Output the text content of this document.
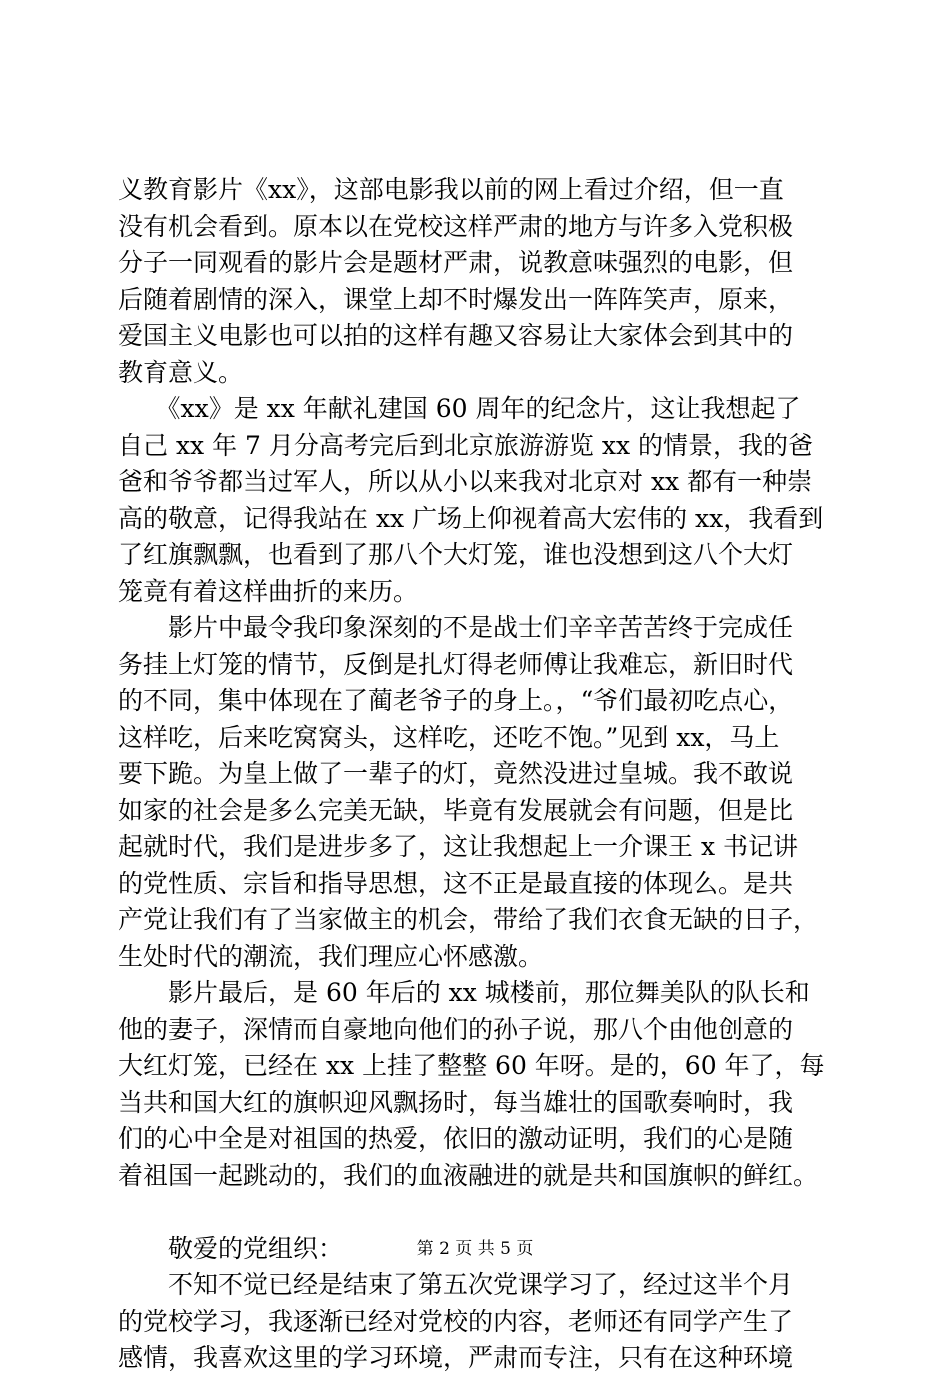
义教育影片《xx》，这部电影我以前的网上看过介绍，但一直
没有机会看到。原本以在党校这样严肃的地方与许多入党积极
分子一同观看的影片会是题材严肃，说教意味强烈的电影，但
后随着剧情的深入，课堂上却不时爆发出一阵阵笑声，原来，
爱国主义电影也可以拍的这样有趣又容易让大家体会到其中的
教育意义。
　　《xx》是 xx 年献礼建国 60 周年的纪念片，这让我想起了
自己 xx 年 7 月分高考完后到北京旅游游览 xx 的情景，我的爸
爸和爷爷都当过军人，所以从小以来我对北京对 xx 都有一种崇
高的敬意，记得我站在 xx 广场上仰视着高大宏伟的 xx，我看到
了红旗飘飘，也看到了那八个大灯笼，谁也没想到这八个大灯
笼竟有着这样曲折的来历。
　　影片中最令我印象深刻的不是战士们辛辛苦苦终于完成任
务挂上灯笼的情节，反倒是扎灯得老师傅让我难忘，新旧时代
的不同，集中体现在了蔺老爷子的身上。，“爷们最初吃点心，
这样吃，后来吃窝窝头，这样吃，还吃不饱。”见到 xx，马上
要下跪。为皇上做了一辈子的灯，竟然没进过皇城。我不敢说
如家的社会是多么完美无缺，毕竟有发展就会有问题，但是比
起就时代，我们是进步多了，这让我想起上一介课王 x 书记讲
的党性质、宗旨和指导思想，这不正是最直接的体现么。是共
产党让我们有了当家做主的机会，带给了我们衣食无缺的日子，
生处时代的潮流，我们理应心怀感激。
　　影片最后，是 60 年后的 xx 城楼前，那位舞美队的队长和
他的妻子，深情而自豪地向他们的孙子说，那八个由他创意的
大红灯笼，已经在 xx 上挂了整整 60 年呀。是的，60 年了，每
当共和国大红的旗帜迎风飘扬时，每当雄壮的国歌奏响时，我
们的心中全是对祖国的热爱，依旧的激动证明，我们的心是随
着祖国一起跳动的，我们的血液融进的就是共和国旗帜的鲜红。
　　敬爱的党组织：
　　不知不觉已经是结束了第五次党课学习了，经过这半个月
的党校学习，我逐渐已经对党校的内容，老师还有同学产生了
感情，我喜欢这里的学习环境，严肃而专注，只有在这种环境
第 2 页 共 5 页
